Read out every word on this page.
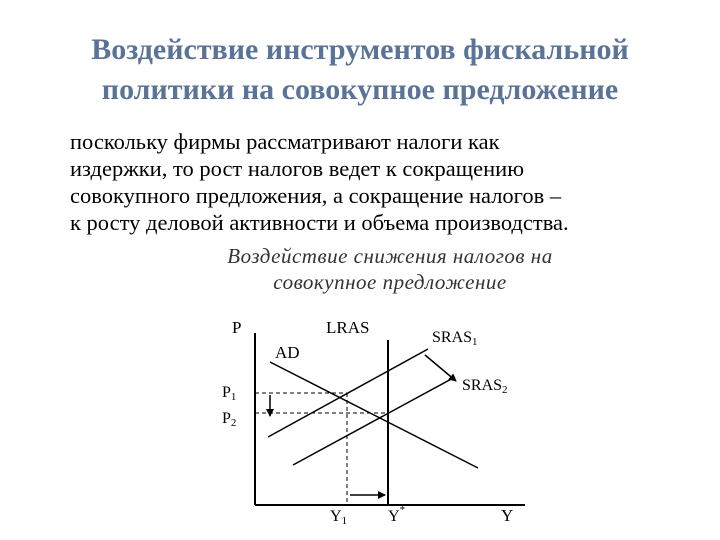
Воздействие инструментов фискальной
политики на совокупное предложение
поскольку фирмы рассматривают налоги как
издержки, то рост налогов ведет к сокращению
совокупного предложения, а сокращение налогов –
к росту деловой активности и объема производства.
Воздействие снижения налогов на
совокупное предложение
P
Y
LRAS
AD
SRAS1
SRAS2
P1
P2
Y1	Y*
